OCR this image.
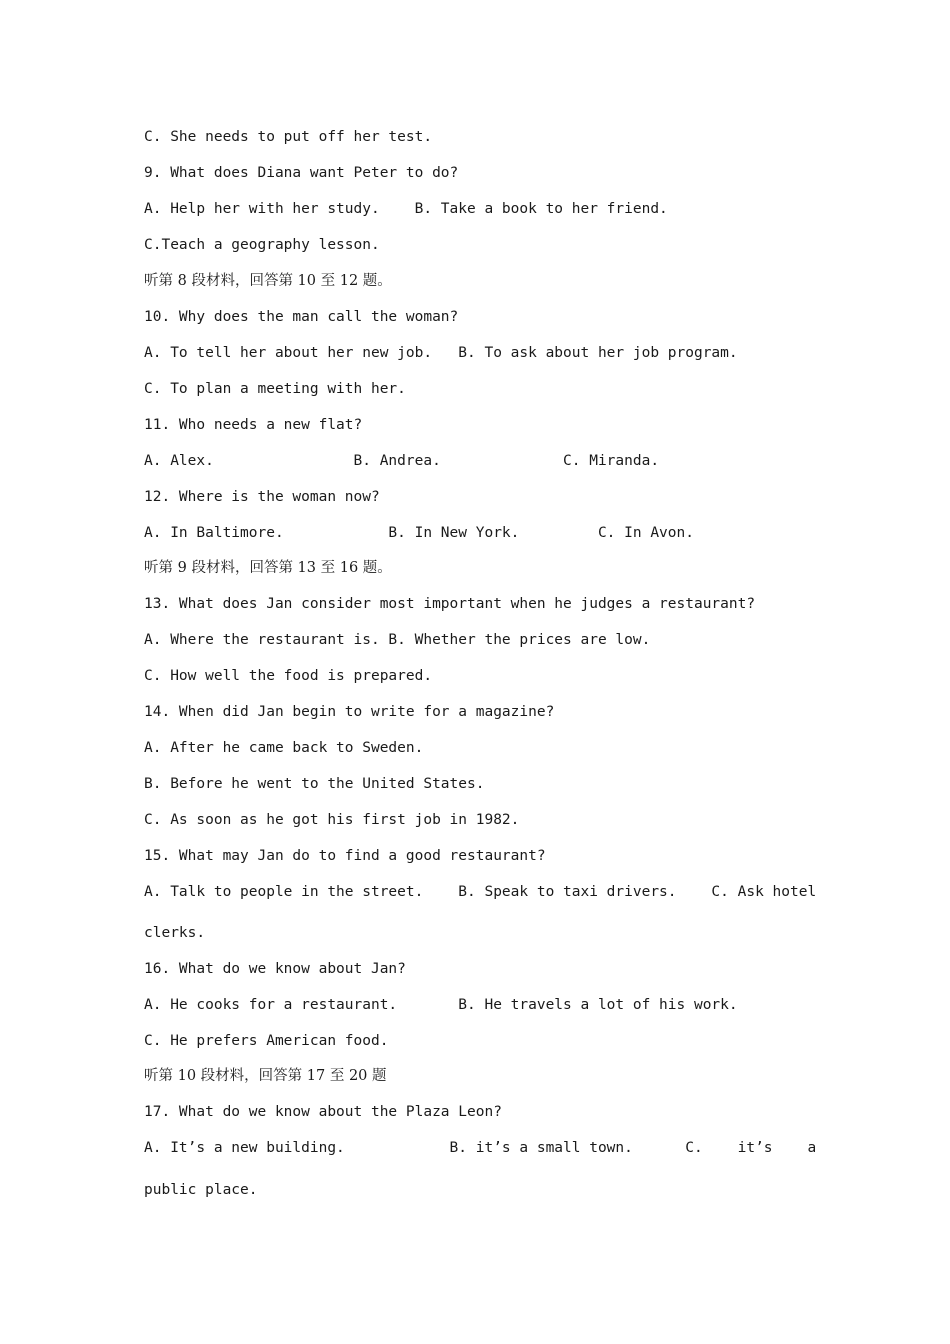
C. She needs to put off her test.

9. What does Diana want Peter to do?

A. Help her with her study.    B. Take a book to her friend.

C.Teach a geography lesson.

听第 8 段材料，回答第 10 至 12 题。

10. Why does the man call the woman?

A. To tell her about her new job.   B. To ask about her job program.

C. To plan a meeting with her.

11. Who needs a new flat?

A. Alex.                B. Andrea.              C. Miranda.

12. Where is the woman now?

A. In Baltimore.            B. In New York.         C. In Avon.

听第 9 段材料，回答第 13 至 16 题。

13. What does Jan consider most important when he judges a restaurant?

A. Where the restaurant is. B. Whether the prices are low.

C. How well the food is prepared.

14. When did Jan begin to write for a magazine?

A. After he came back to Sweden.

B. Before he went to the United States.

C. As soon as he got his first job in 1982.

15. What may Jan do to find a good restaurant?

A. Talk to people in the street.    B. Speak to taxi drivers.    C. Ask hotel

clerks.

16. What do we know about Jan?

A. He cooks for a restaurant.       B. He travels a lot of his work.

C. He prefers American food.

听第 10 段材料，回答第 17 至 20 题

17. What do we know about the Plaza Leon?

A. It’s a new building.            B. it’s a small town.      C.    it’s    a

public place.
